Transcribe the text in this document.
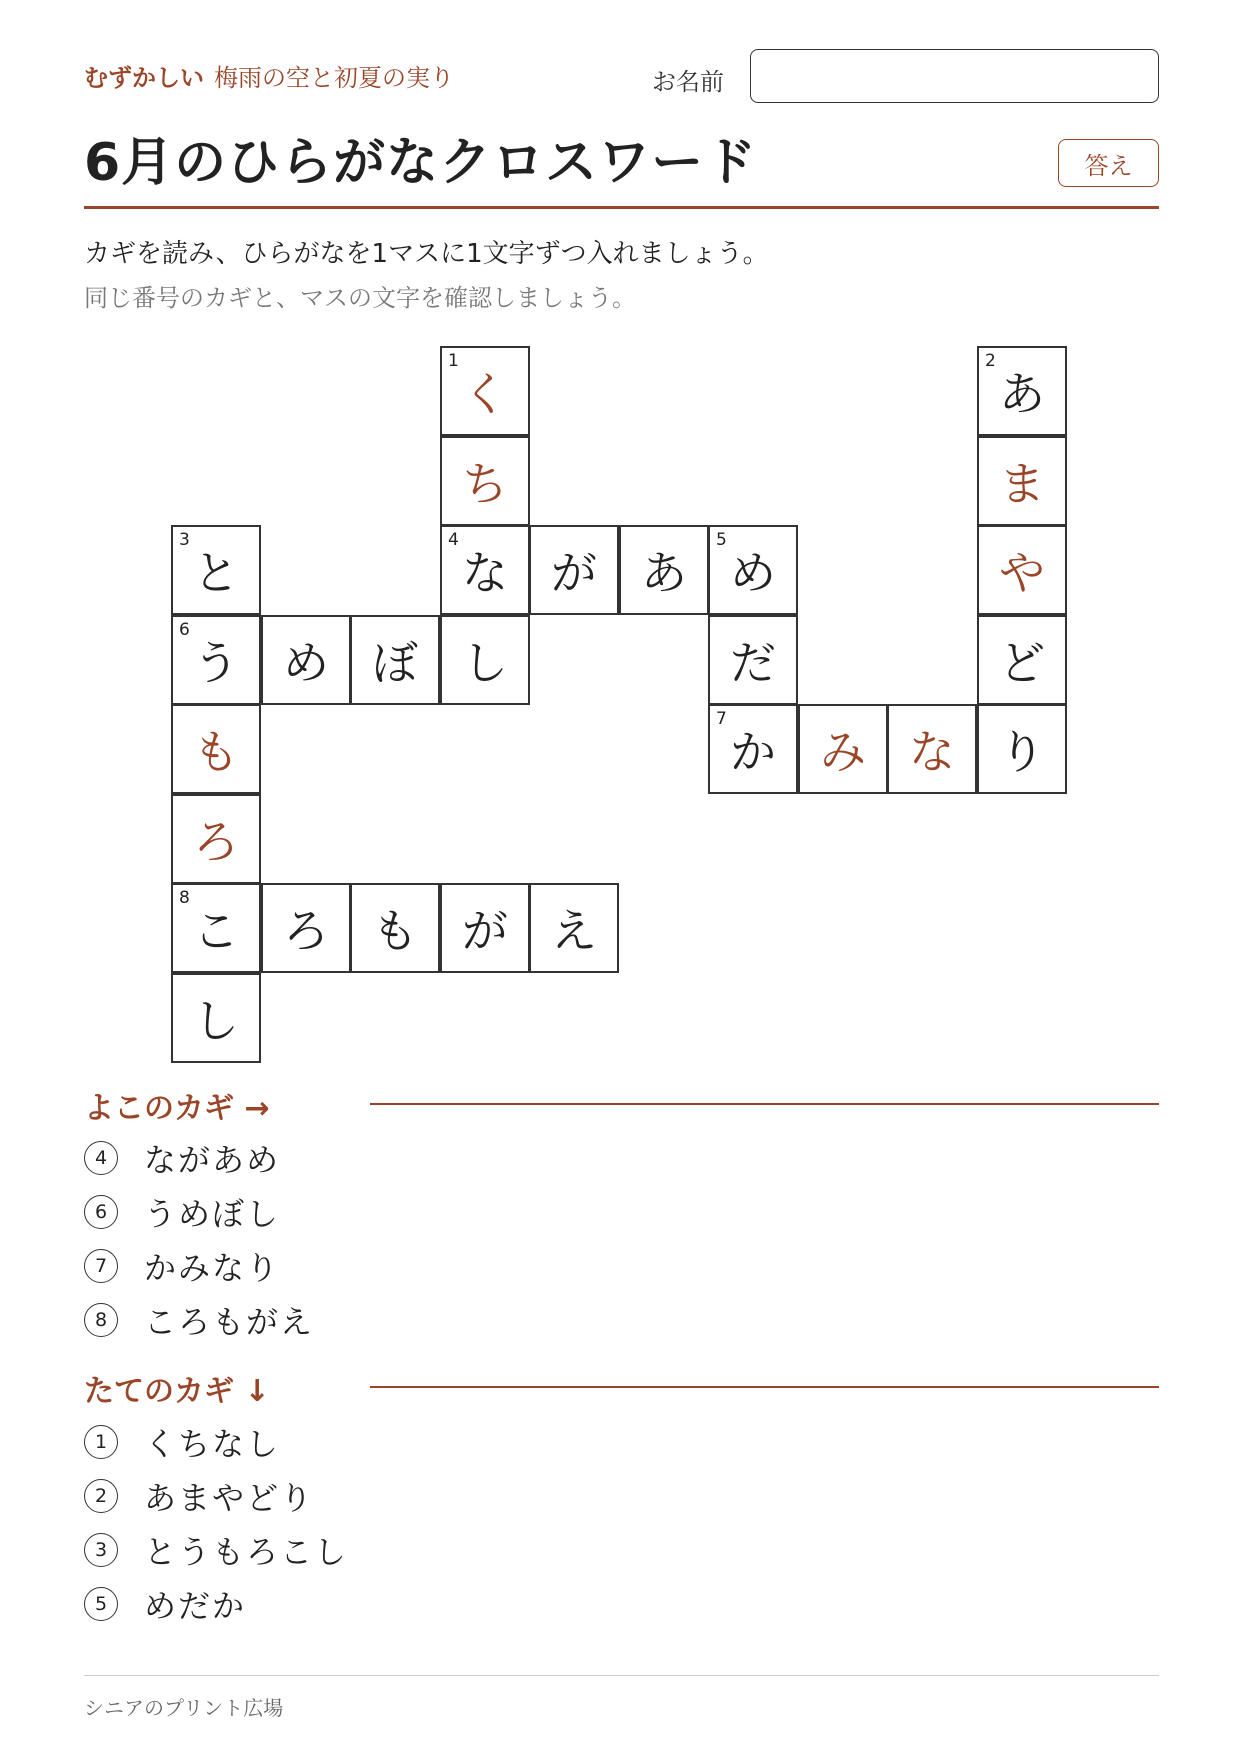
むずかしい 梅雨の空と初夏の実り	お名前
6月のひらがなクロスワード	答え
カギを読み、ひらがなを1マスに1文字ずつ入れましょう。
同じ番号のカギと、マスの文字を確認しましょう。
1
く
ち
4
な が あ
5
め
し
2
あ
ま
や
ど
り
3
と
6
う め ぼ
も
ろ
8
こ ろ も が え
し
だ
7
か み な
よこのカギ →
4	ながあめ
6	うめぼし
7	かみなり
8	ころもがえ
たてのカギ ↓
1	くちなし
2	あまやどり
3	とうもろこし
5	めだか
シニアのプリント広場
